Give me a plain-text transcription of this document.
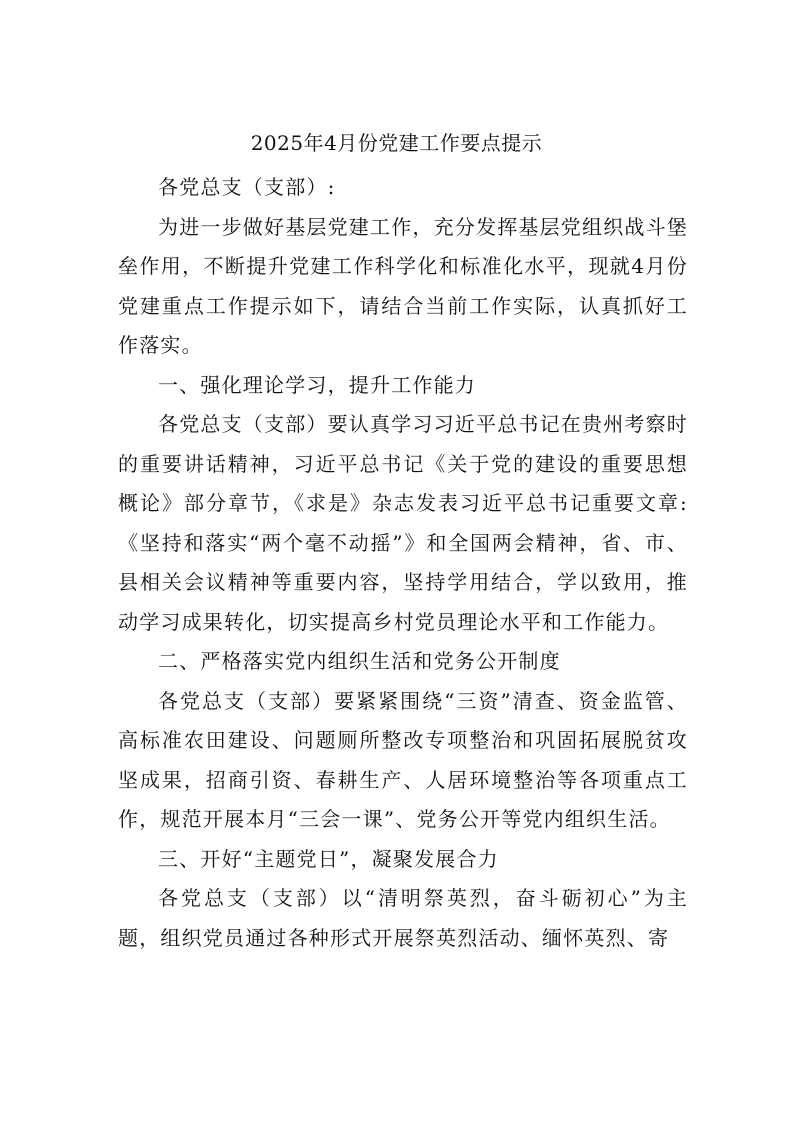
2025年4月份党建工作要点提示

各党总支（支部）:

为进一步做好基层党建工作，充分发挥基层党组织战斗堡垒作用，不断提升党建工作科学化和标准化水平，现就4月份党建重点工作提示如下，请结合当前工作实际，认真抓好工作落实。

一、强化理论学习，提升工作能力

各党总支（支部）要认真学习习近平总书记在贵州考察时的重要讲话精神，习近平总书记《关于党的建设的重要思想概论》部分章节，《求是》杂志发表习近平总书记重要文章:《坚持和落实“两个毫不动摇”》和全国两会精神，省、市、县相关会议精神等重要内容，坚持学用结合，学以致用，推动学习成果转化，切实提高乡村党员理论水平和工作能力。

二、严格落实党内组织生活和党务公开制度

各党总支（支部）要紧紧围绕“三资”清查、资金监管、高标准农田建设、问题厕所整改专项整治和巩固拓展脱贫攻坚成果，招商引资、春耕生产、人居环境整治等各项重点工作，规范开展本月“三会一课”、党务公开等党内组织生活。

三、开好“主题党日”，凝聚发展合力

各党总支（支部）以“清明祭英烈，奋斗砺初心”为主题，组织党员通过各种形式开展祭英烈活动、缅怀英烈、寄
